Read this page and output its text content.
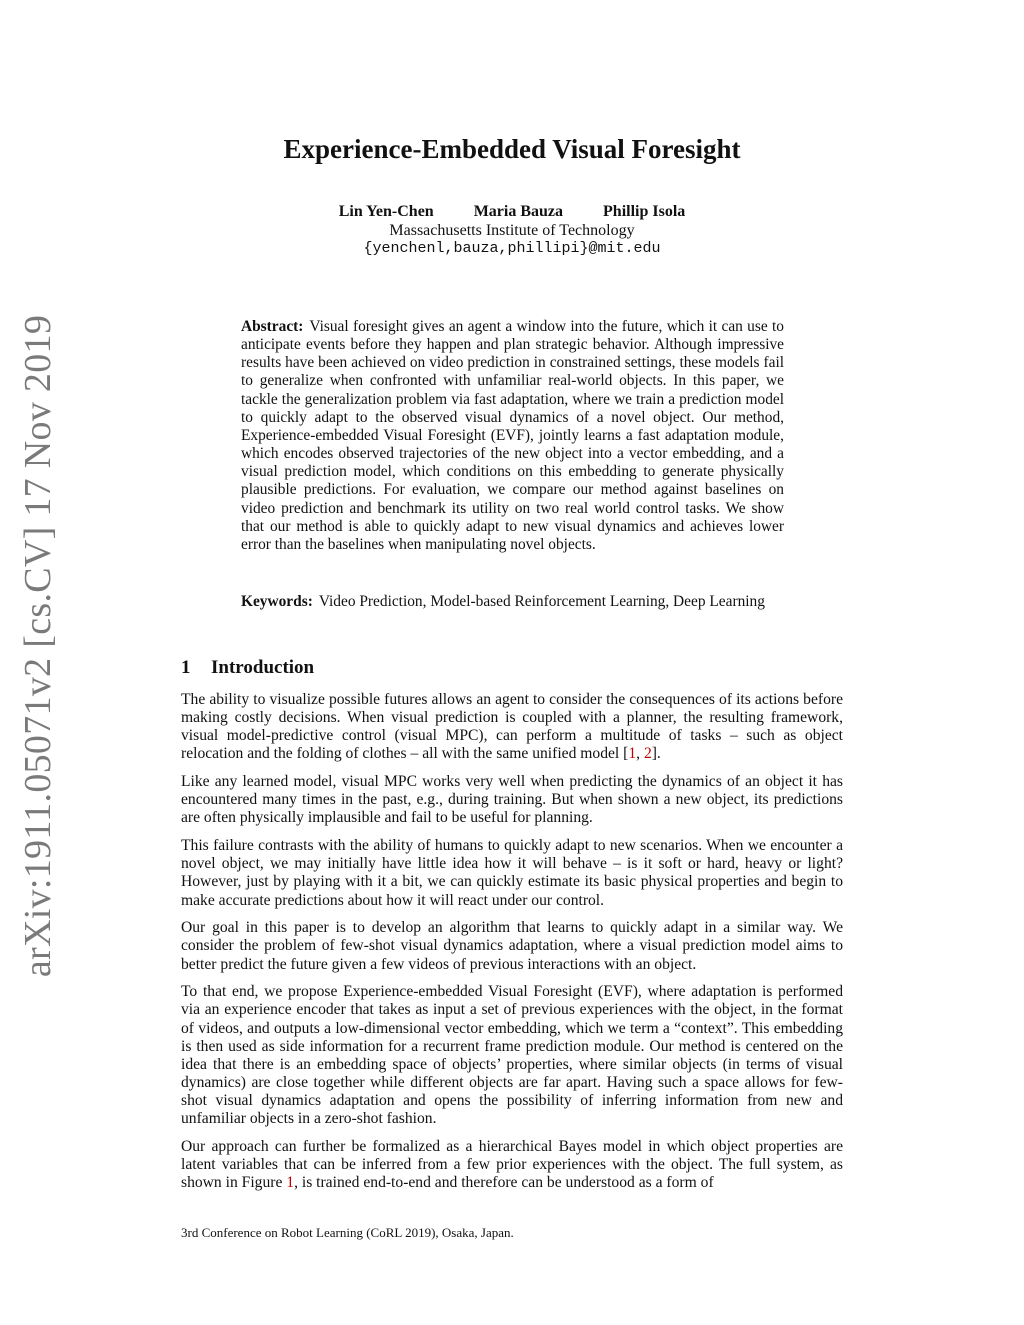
arXiv:1911.05071v2 [cs.CV] 17 Nov 2019
Experience-Embedded Visual Foresight
Lin Yen-Chen	Maria Bauza	Phillip Isola
Massachusetts Institute of Technology
{yenchenl,bauza,phillipi}@mit.edu

Abstract: Visual foresight gives an agent a window into the future, which it can use to anticipate events before they happen and plan strategic behavior. Although impressive results have been achieved on video prediction in constrained settings, these models fail to generalize when confronted with unfamiliar real-world objects. In this paper, we tackle the generalization problem via fast adaptation, where we train a prediction model to quickly adapt to the observed visual dynamics of a novel object. Our method, Experience-embedded Visual Foresight (EVF), jointly learns a fast adaptation module, which encodes observed trajectories of the new object into a vector embedding, and a visual prediction model, which conditions on this embedding to generate physically plausible predictions. For evaluation, we compare our method against baselines on video prediction and benchmark its utility on two real world control tasks. We show that our method is able to quickly adapt to new visual dynamics and achieves lower error than the baselines when manipulating novel objects.

Keywords: Video Prediction, Model-based Reinforcement Learning, Deep Learning

1 Introduction

The ability to visualize possible futures allows an agent to consider the consequences of its actions before making costly decisions. When visual prediction is coupled with a planner, the resulting framework, visual model-predictive control (visual MPC), can perform a multitude of tasks – such as object relocation and the folding of clothes – all with the same unified model [1, 2].

Like any learned model, visual MPC works very well when predicting the dynamics of an object it has encountered many times in the past, e.g., during training. But when shown a new object, its predictions are often physically implausible and fail to be useful for planning.

This failure contrasts with the ability of humans to quickly adapt to new scenarios. When we encounter a novel object, we may initially have little idea how it will behave – is it soft or hard, heavy or light? However, just by playing with it a bit, we can quickly estimate its basic physical properties and begin to make accurate predictions about how it will react under our control.

Our goal in this paper is to develop an algorithm that learns to quickly adapt in a similar way. We consider the problem of few-shot visual dynamics adaptation, where a visual prediction model aims to better predict the future given a few videos of previous interactions with an object.

To that end, we propose Experience-embedded Visual Foresight (EVF), where adaptation is performed via an experience encoder that takes as input a set of previous experiences with the object, in the format of videos, and outputs a low-dimensional vector embedding, which we term a “context”. This embedding is then used as side information for a recurrent frame prediction module. Our method is centered on the idea that there is an embedding space of objects’ properties, where similar objects (in terms of visual dynamics) are close together while different objects are far apart. Having such a space allows for few-shot visual dynamics adaptation and opens the possibility of inferring information from new and unfamiliar objects in a zero-shot fashion.

Our approach can further be formalized as a hierarchical Bayes model in which object properties are latent variables that can be inferred from a few prior experiences with the object. The full system, as shown in Figure 1, is trained end-to-end and therefore can be understood as a form of

3rd Conference on Robot Learning (CoRL 2019), Osaka, Japan.
